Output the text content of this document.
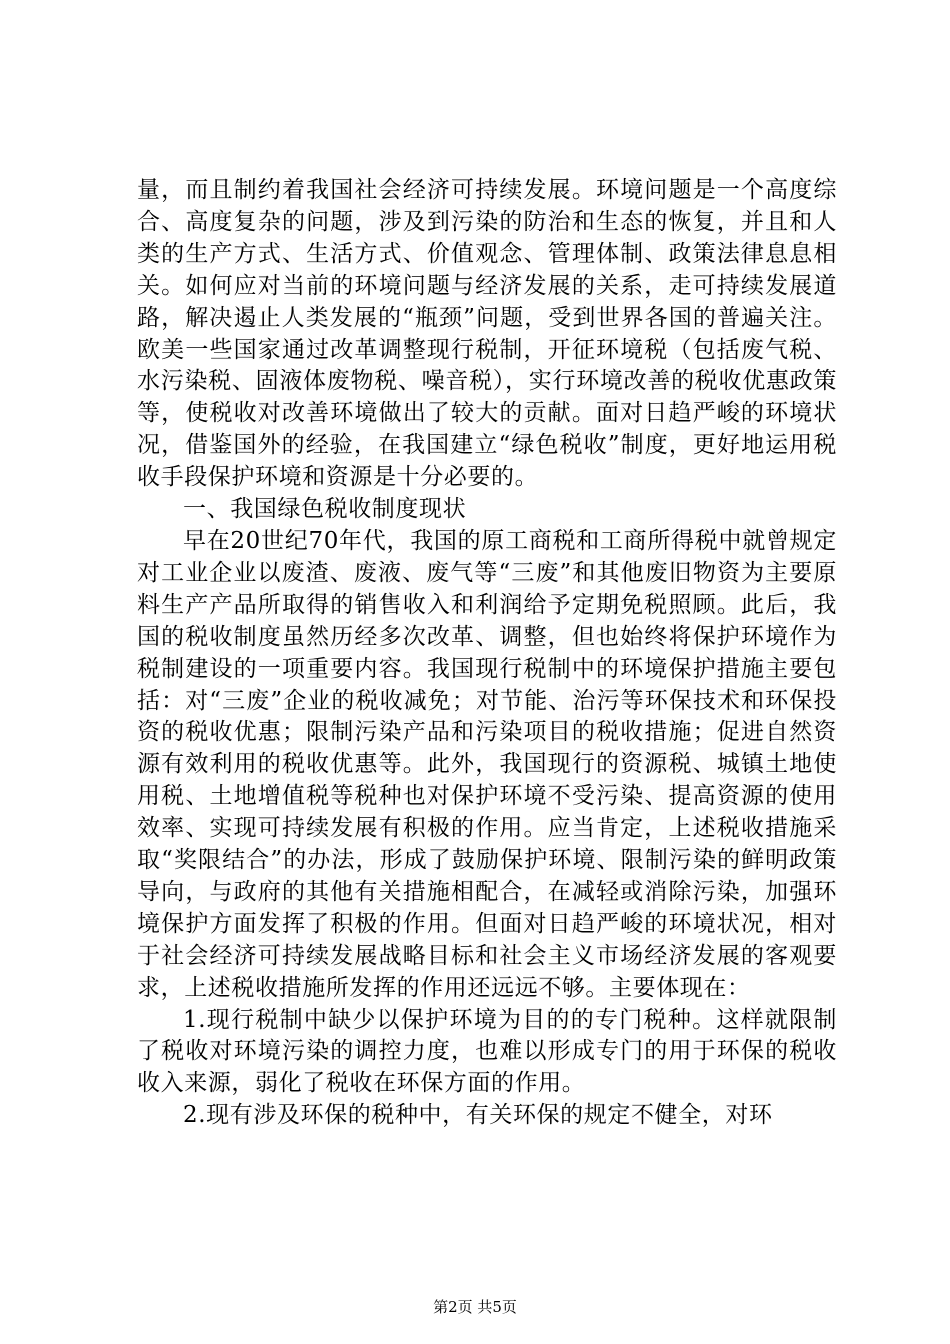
量，而且制约着我国社会经济可持续发展。环境问题是一个高度综合、高度复杂的问题，涉及到污染的防治和生态的恢复，并且和人类的生产方式、生活方式、价值观念、管理体制、政策法律息息相关。如何应对当前的环境问题与经济发展的关系，走可持续发展道路，解决遏止人类发展的“瓶颈”问题，受到世界各国的普遍关注。欧美一些国家通过改革调整现行税制，开征环境税（包括废气税、水污染税、固液体废物税、噪音税），实行环境改善的税收优惠政策等，使税收对改善环境做出了较大的贡献。面对日趋严峻的环境状况，借鉴国外的经验，在我国建立“绿色税收”制度，更好地运用税收手段保护环境和资源是十分必要的。

一、我国绿色税收制度现状

早在20世纪70年代，我国的原工商税和工商所得税中就曾规定对工业企业以废渣、废液、废气等“三废”和其他废旧物资为主要原料生产产品所取得的销售收入和利润给予定期免税照顾。此后，我国的税收制度虽然历经多次改革、调整，但也始终将保护环境作为税制建设的一项重要内容。我国现行税制中的环境保护措施主要包括：对“三废”企业的税收减免；对节能、治污等环保技术和环保投资的税收优惠；限制污染产品和污染项目的税收措施；促进自然资源有效利用的税收优惠等。此外，我国现行的资源税、城镇土地使用税、土地增值税等税种也对保护环境不受污染、提高资源的使用效率、实现可持续发展有积极的作用。应当肯定，上述税收措施采取“奖限结合”的办法，形成了鼓励保护环境、限制污染的鲜明政策导向，与政府的其他有关措施相配合，在减轻或消除污染，加强环境保护方面发挥了积极的作用。但面对日趋严峻的环境状况，相对于社会经济可持续发展战略目标和社会主义市场经济发展的客观要求，上述税收措施所发挥的作用还远远不够。主要体现在：

1.现行税制中缺少以保护环境为目的的专门税种。这样就限制了税收对环境污染的调控力度，也难以形成专门的用于环保的税收收入来源，弱化了税收在环保方面的作用。

2.现有涉及环保的税种中，有关环保的规定不健全，对环

第2页 共5页
